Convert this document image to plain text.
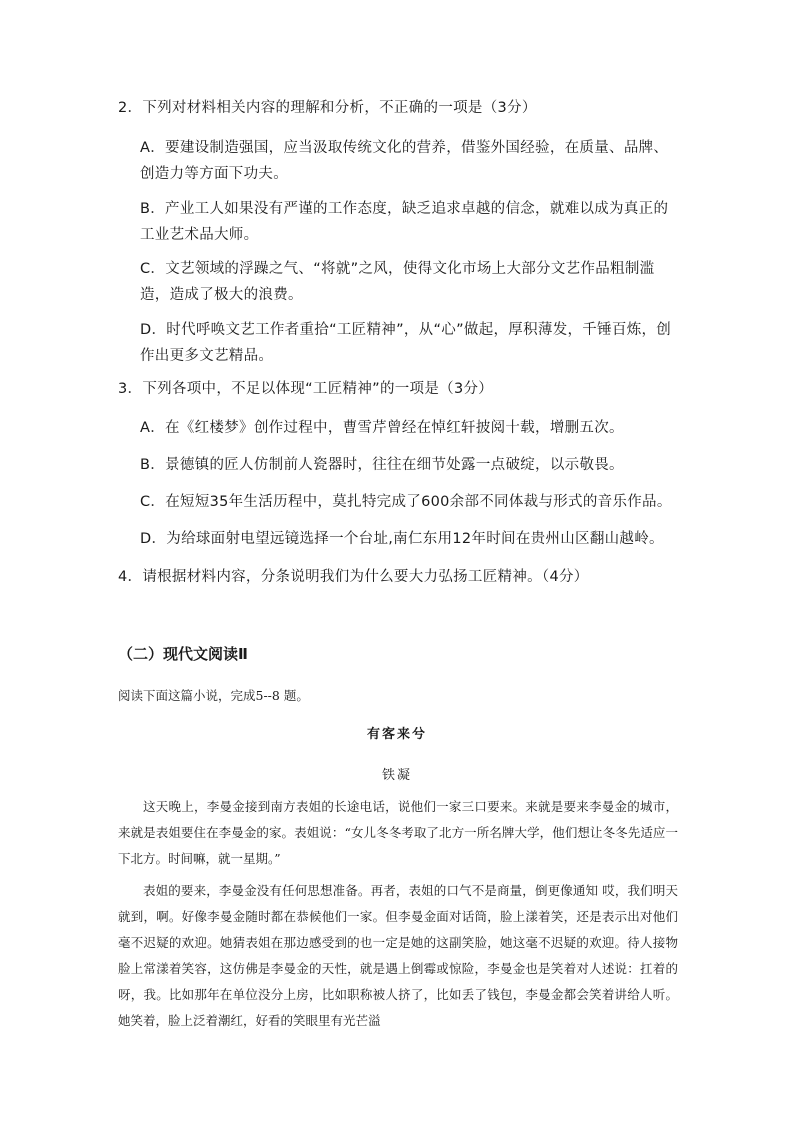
2．下列对材料相关内容的理解和分析，不正确的一项是（3分）
A．要建设制造强国，应当汲取传统文化的营养，借鉴外国经验，在质量、品牌、创造力等方面下功夫。
B．产业工人如果没有严谨的工作态度，缺乏追求卓越的信念，就难以成为真正的工业艺术品大师。
C．文艺领域的浮躁之气、“将就”之风，使得文化市场上大部分文艺作品粗制滥造，造成了极大的浪费。
D．时代呼唤文艺工作者重拾“工匠精神”，从“心”做起，厚积薄发，千锤百炼，创作出更多文艺精品。
3．下列各项中，不足以体现“工匠精神”的一项是（3分）
A．在《红楼梦》创作过程中，曹雪芹曾经在悼红轩披阅十载，增删五次。
B．景德镇的匠人仿制前人瓷器时，往往在细节处露一点破绽，以示敬畏。
C．在短短35年生活历程中，莫扎特完成了600余部不同体裁与形式的音乐作品。
D．为给球面射电望远镜选择一个台址,南仁东用12年时间在贵州山区翻山越岭。
4．请根据材料内容，分条说明我们为什么要大力弘扬工匠精神。（4分）
（二）现代文阅读Ⅱ
阅读下面这篇小说，完成5--8 题。
有客来兮
铁凝
这天晚上，李曼金接到南方表姐的长途电话，说他们一家三口要来。来就是要来李曼金的城市，来就是表姐要住在李曼金的家。表姐说：“女儿冬冬考取了北方一所名牌大学，他们想让冬冬先适应一下北方。时间嘛，就一星期。”
表姐的要来，李曼金没有任何思想准备。再者，表姐的口气不是商量，倒更像通知 哎，我们明天就到，啊。好像李曼金随时都在恭候他们一家。但李曼金面对话筒，脸上漾着笑，还是表示出对他们毫不迟疑的欢迎。她猜表姐在那边感受到的也一定是她的这副笑脸，她这毫不迟疑的欢迎。待人接物脸上常漾着笑容，这仿佛是李曼金的天性，就是遇上倒霉或惊险，李曼金也是笑着对人述说：扛着的呀，我。比如那年在单位没分上房，比如职称被人挤了，比如丢了钱包，李曼金都会笑着讲给人听。她笑着，脸上泛着潮红，好看的笑眼里有光芒溢
